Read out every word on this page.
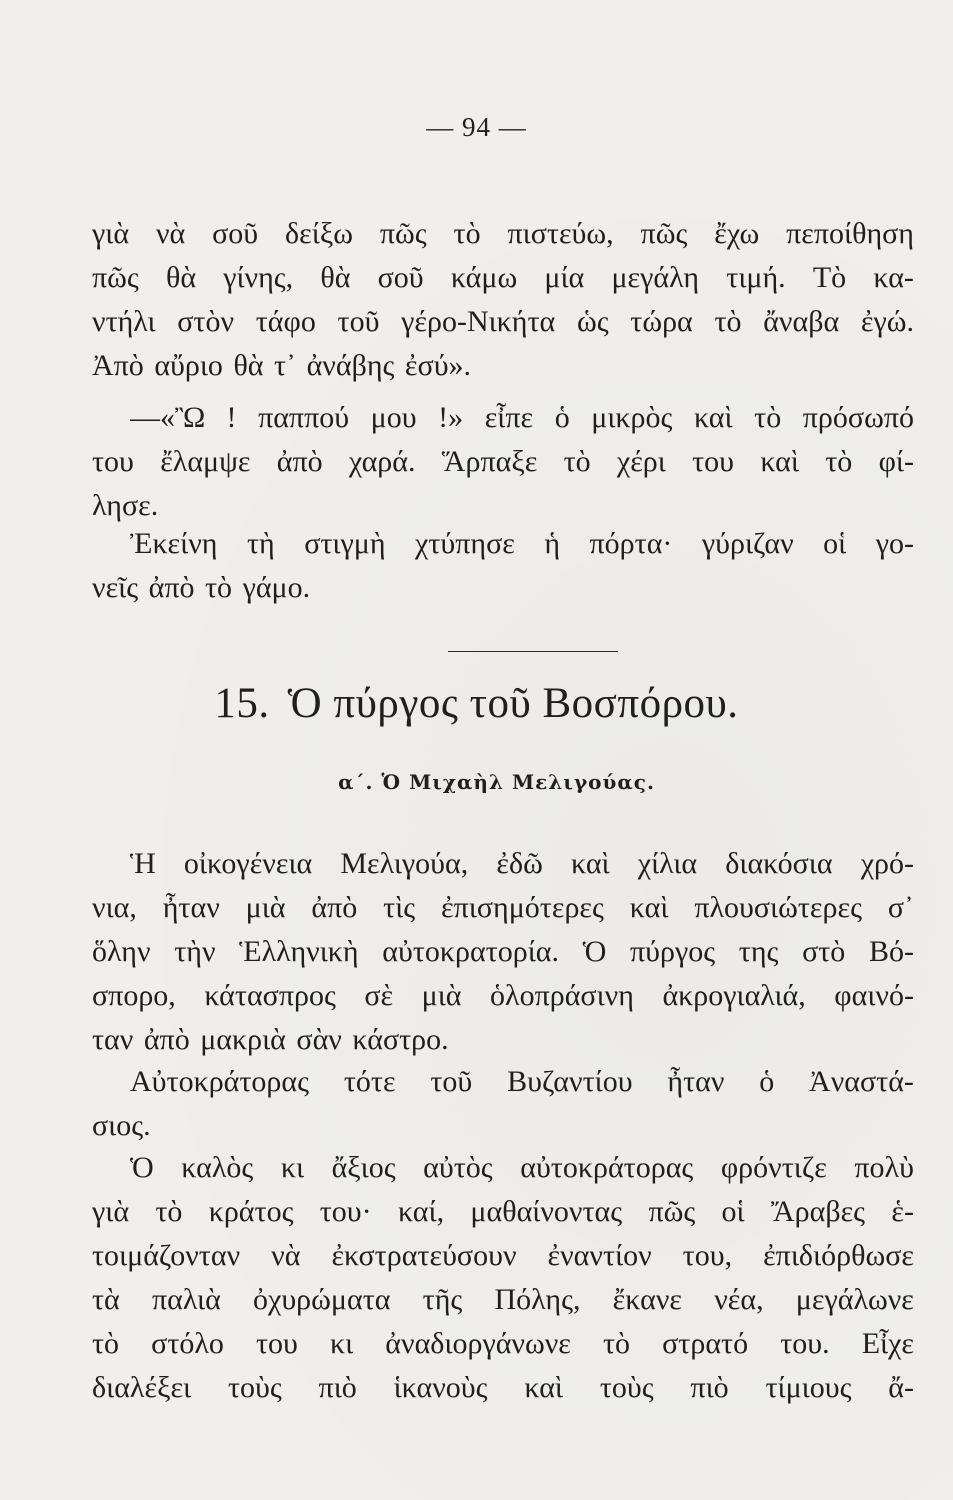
— 94 —
γιὰ νὰ σοῦ δείξω πῶς τὸ πιστεύω, πῶς ἔχω πεποίθηση
πῶς θὰ γίνης, θὰ σοῦ κάμω μία μεγάλη τιμή. Τὸ κα-
ντήλι στὸν τάφο τοῦ γέρο-Νικήτα ὡς τώρα τὸ ἄναβα ἐγώ.
Ἀπὸ αὔριο θὰ τ᾽ ἀνάβης ἐσύ».
—«Ὢ ! παππού μου !» εἶπε ὁ μικρὸς καὶ τὸ πρόσωπό
του ἔλαμψε ἀπὸ χαρά. Ἅρπαξε τὸ χέρι του καὶ τὸ φί-
λησε.
Ἐκείνη τὴ στιγμὴ χτύπησε ἡ πόρτα· γύριζαν οἱ γο-
νεῖς ἀπὸ τὸ γάμο.
Ἡ οἰκογένεια Μελιγούα, ἐδῶ καὶ χίλια διακόσια χρό-
νια, ἦταν μιὰ ἀπὸ τὶς ἐπισημότερες καὶ πλουσιώτερες σ᾽
ὅλην τὴν Ἑλληνικὴ αὐτοκρατορία. Ὁ πύργος της στὸ Βό-
σπορο, κάτασπρος σὲ μιὰ ὁλοπράσινη ἀκρογιαλιά, φαινό-
ταν ἀπὸ μακριὰ σὰν κάστρο.
Αὐτοκράτορας τότε τοῦ Βυζαντίου ἦταν ὁ Ἀναστά-
σιος.
Ὁ καλὸς κι ἄξιος αὐτὸς αὐτοκράτορας φρόντιζε πολὺ
γιὰ τὸ κράτος του· καί, μαθαίνοντας πῶς οἱ Ἄραβες ἑ-
τοιμάζονταν νὰ ἐκστρατεύσουν ἐναντίον του, ἐπιδιόρθωσε
τὰ παλιὰ ὀχυρώματα τῆς Πόλης, ἔκανε νέα, μεγάλωνε
τὸ στόλο του κι ἀναδιοργάνωνε τὸ στρατό του. Εἶχε
διαλέξει τοὺς πιὸ ἱκανοὺς καὶ τοὺς πιὸ τίμιους ἄ-
15. Ὁ πύργος τοῦ Βοσπόρου.
α΄. Ὁ Μιχαὴλ Μελιγούας.
